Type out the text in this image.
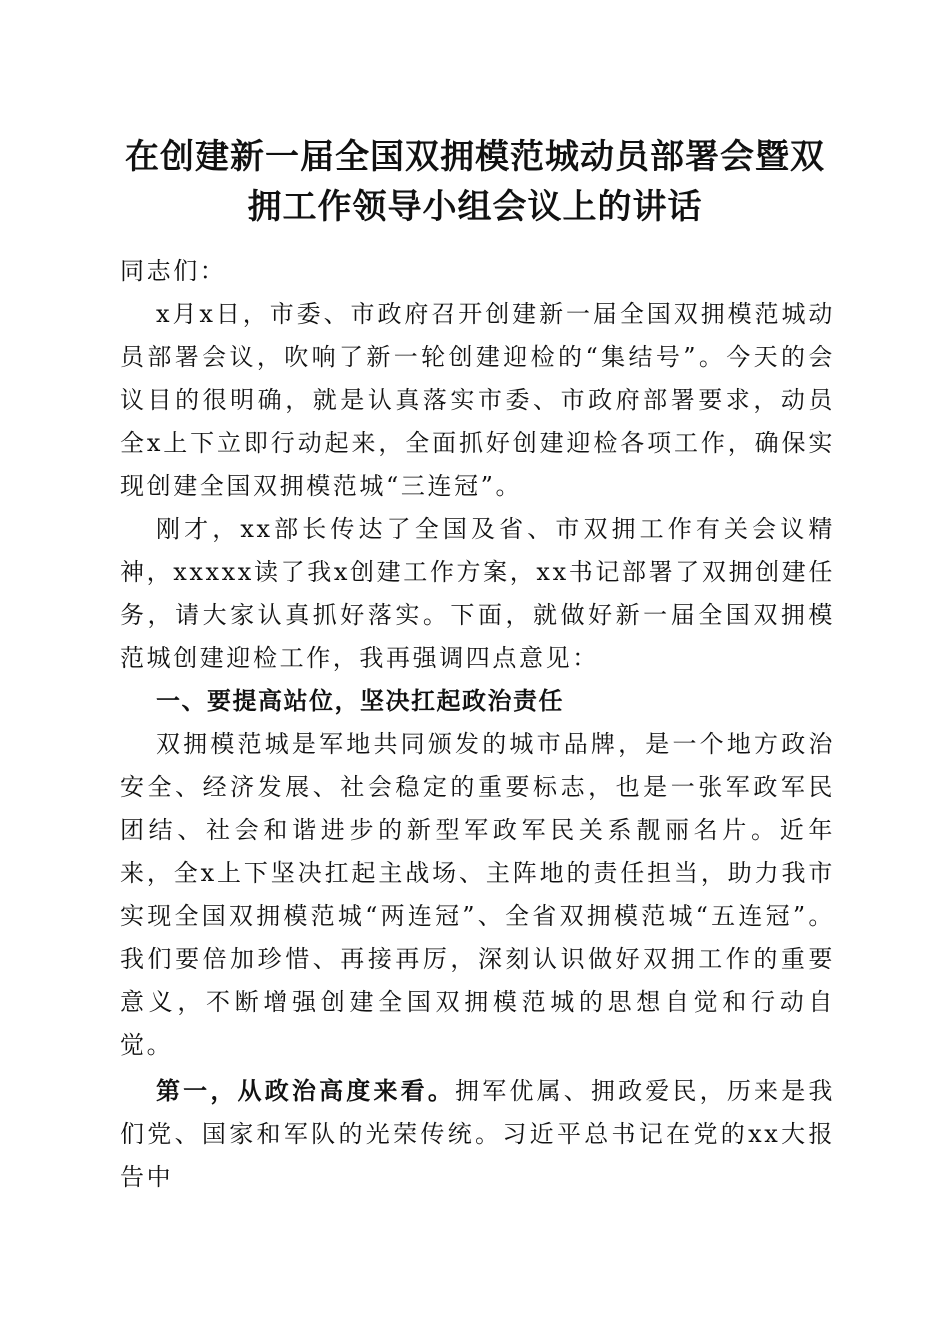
在创建新一届全国双拥模范城动员部署会暨双
拥工作领导小组会议上的讲话

同志们：

x月x日，市委、市政府召开创建新一届全国双拥模范城动员部署会议，吹响了新一轮创建迎检的“集结号”。今天的会议目的很明确，就是认真落实市委、市政府部署要求，动员全x上下立即行动起来，全面抓好创建迎检各项工作，确保实现创建全国双拥模范城“三连冠”。

刚才，xx部长传达了全国及省、市双拥工作有关会议精神，xxxxx读了我x创建工作方案，xx书记部署了双拥创建任务，请大家认真抓好落实。下面，就做好新一届全国双拥模范城创建迎检工作，我再强调四点意见：

一、要提高站位，坚决扛起政治责任

双拥模范城是军地共同颁发的城市品牌，是一个地方政治安全、经济发展、社会稳定的重要标志，也是一张军政军民团结、社会和谐进步的新型军政军民关系靓丽名片。近年来，全x上下坚决扛起主战场、主阵地的责任担当，助力我市实现全国双拥模范城“两连冠”、全省双拥模范城“五连冠”。我们要倍加珍惜、再接再厉，深刻认识做好双拥工作的重要意义，不断增强创建全国双拥模范城的思想自觉和行动自觉。

第一，从政治高度来看。拥军优属、拥政爱民，历来是我们党、国家和军队的光荣传统。习近平总书记在党的xx大报告中
